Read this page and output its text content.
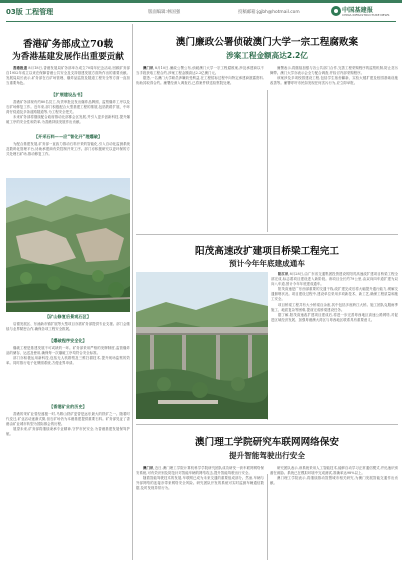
03版 工程管理	版面编辑:林国强	投稿邮箱:jgjbh@hotmail.com	中国基建报
CHINA INFRASTRUCTURE NEWS
香港矿务部成立70载
为香港基建发展作出重要贡献

香港报道 8月18日,香港发展局矿务部举办成立70周年纪念活动,回顾矿务部自1952年成立以来在保障香港公共安全及支持基建发展方面所作出的重要贡献。发展局局长表示,矿务部在石矿场管理、爆炸品监管及隧道工程安全等方面一直担当重要角色。

【扩展建设丛书】

香港矿务部现有约80名员工,负责审批及发出爆炸品牌照、监察爆炸工序以及石矿场修复工作。近年来,部门积极配合大型基建工程的推展,包括铁路扩展、中环湾仔绕道及多条道路隧道等,为工程安全把关。

未来矿务部将继续配合政府推动北部都会区发展,并引入更多创新科技,提升爆破工序的安全性和效率,为香港持续发展作出贡献。

【开采石料——应“智化开”理爆破】

为配合基建发展,矿务部一直致力推动石料开采的智能化,引入自动化监测系统及数码化管理平台,协助承建商有效控制开采工序。部门亦积极研究以更环保的方式处理石矿场,推动修复工作。

【矿山修复后景观石区】

启德发展区、东涌新市镇扩展等大型项目亦需矿务部提供专业支援。部门会继续与业界紧密合作,确保各项工程安全推展。

【爆破程序安全化】

爆破工程是基建发展不可或缺的一环。矿务部采用严格的发牌制度,监管爆炸品的储存、运送及使用,确保每一次爆破工序均符合安全标准。

部门亦积极运用新科技,包括无人机勘察及三维扫描技术,提升现场监察的效率。同时推行电子化牌照系统,方便业界申请。

【香港矿业的历史】

香港的采矿业曾经盛极一时,马鞍山铁矿更曾是远东最大的铁矿之一。随着时代变迁,矿业活动逐渐式微,但石矿场仍为本港基建提供重要石料。矿务部见证了香港由矿业城市转型为国际都会的历程。

展望未来,矿务部将继续秉承专业精神,守护市民安全,为香港基建发展保驾护航。

澳门廉政公署侦破澳门大学一宗工程腐败案
涉案工程金额高达2.2亿

澳门讯 8月10日,廉政公署公布,侦破澳门大学一宗工程腐败案,涉及承建商以不当手段获取工程合约,涉案工程金额高达2.2亿澳门元。

据悉,一名澳门大学职员涉嫌收受利益,在工程招标过程中向特定承建商泄露资料,协助其取得合约。廉署经深入调查后,已将案件移送检察院处理。

廉署表示,将继续加强与各公共部门合作,完善工程采购程序的监察机制,防止贪污舞弊。澳门大学亦表示会全力配合调查,并检讨内部采购程序。

该案涉及多项校园建设工程,包括学生宿舍翻新、实验大楼扩建及校园基础设施改善等。廉署呼吁市民如发现任何贪污行为,应立即举报。

阳茂高速改扩建项目桥梁工程完工
预计今年年底建成通车

阳江讯 8月28日,由广东省交通集团投资建设的阳茂高速改扩建项目桥梁工程全部完成,标志着项目建设进入新阶段。该项目全长约79公里,由双向四车道扩建为双向八车道,预计今年年底建成通车。

阳茂高速是广东西部重要的交通干线,改扩建完成后将大幅提升通行能力,缓解交通拥堵状况。项目建设过程中,建设单位采用多项新技术、新工艺,确保工程质量和施工安全。

项目桥梁工程共有大小桥梁百余座,其中包括多座跨江大桥。施工团队克服雨季施工、地质复杂等困难,提前完成桥梁建设任务。

据了解,阳茂高速改扩建项目建成后,将进一步完善粤西地区高速公路网络,对促进区域经济发展、加强粤港澳大湾区与粤西地区联系具有重要意义。

澳门理工学院研究车联网网络保安
提升智能驾驶出行安全

澳门讯 近日,澳门理工学院计算机科学学院研究团队成功研发一套车联网网络保安系统,可有效识别及防范针对智能车辆的网络攻击,提升智能驾驶出行安全。

随着智能驾驶技术的发展,车联网已成为未来交通的重要组成部分。然而,车辆与外部网络的连接亦带来网络安全风险。研究团队开发的系统可实时监测车辆通信数据,及时发现异常行为。

研究团队表示,该系统采用人工智能技术,能够自动学习正常通信模式,并迅速识别潜在威胁。系统已在模拟环境中完成测试,准确率达98%以上。

澳门理工学院表示,将继续推动智慧城市相关研究,为澳门发展智能交通作出贡献。
